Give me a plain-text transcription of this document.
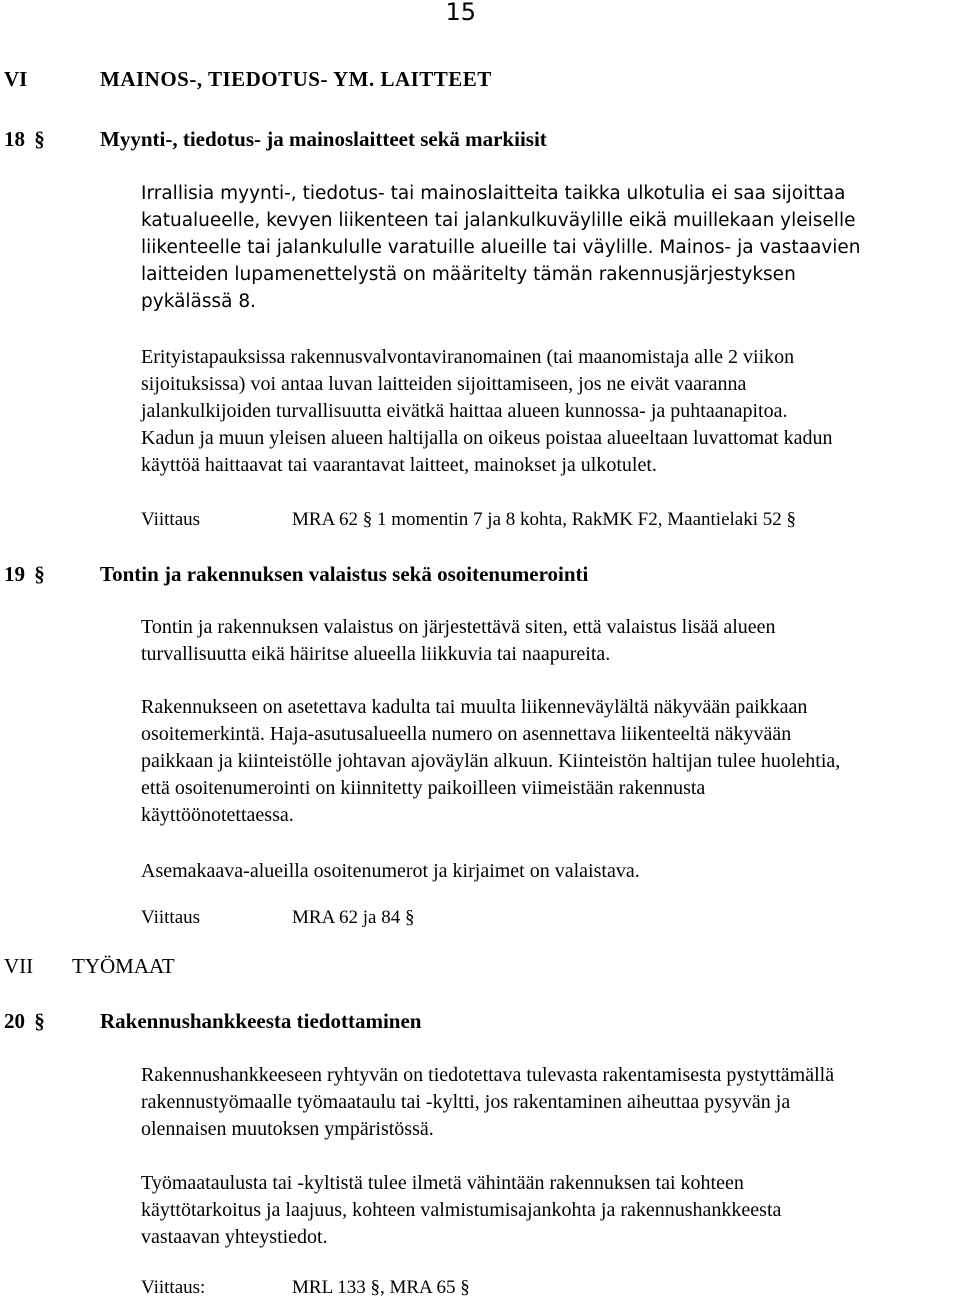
15
VI	MAINOS-, TIEDOTUS- YM. LAITTEET
18 §	Myynti-, tiedotus- ja mainoslaitteet sekä markiisit
Irrallisia myynti-, tiedotus- tai mainoslaitteita taikka ulkotulia ei saa sijoittaa
katualueelle, kevyen liikenteen tai jalankulkuväylille eikä muillekaan yleiselle
liikenteelle tai jalankululle varatuille alueille tai väylille. Mainos- ja vastaavien
laitteiden lupamenettelystä on määritelty tämän rakennusjärjestyksen
pykälässä 8.
Erityistapauksissa rakennusvalvontaviranomainen (tai maanomistaja alle 2 viikon
sijoituksissa) voi antaa luvan laitteiden sijoittamiseen, jos ne eivät vaaranna
jalankulkijoiden turvallisuutta eivätkä haittaa alueen kunnossa- ja puhtaanapitoa.
Kadun ja muun yleisen alueen haltijalla on oikeus poistaa alueeltaan luvattomat kadun
käyttöä haittaavat tai vaarantavat laitteet, mainokset ja ulkotulet.
Viittaus	MRA 62 § 1 momentin 7 ja 8 kohta, RakMK F2, Maantielaki 52 §
19 §	Tontin ja rakennuksen valaistus sekä osoitenumerointi
Tontin ja rakennuksen valaistus on järjestettävä siten, että valaistus lisää alueen
turvallisuutta eikä häiritse alueella liikkuvia tai naapureita.
Rakennukseen on asetettava kadulta tai muulta liikenneväylältä näkyvään paikkaan
osoitemerkintä. Haja-asutusalueella numero on asennettava liikenteeltä näkyvään
paikkaan ja kiinteistölle johtavan ajoväylän alkuun. Kiinteistön haltijan tulee huolehtia,
että osoitenumerointi on kiinnitetty paikoilleen viimeistään rakennusta
käyttöönotettaessa.
Asemakaava-alueilla osoitenumerot ja kirjaimet on valaistava.
Viittaus	MRA 62 ja 84 §
VII TYÖMAAT
20 §	Rakennushankkeesta tiedottaminen
Rakennushankkeeseen ryhtyvän on tiedotettava tulevasta rakentamisesta pystyttämällä
rakennustyömaalle työmaataulu tai -kyltti, jos rakentaminen aiheuttaa pysyvän ja
olennaisen muutoksen ympäristössä.
Työmaataulusta tai -kyltistä tulee ilmetä vähintään rakennuksen tai kohteen
käyttötarkoitus ja laajuus, kohteen valmistumisajankohta ja rakennushankkeesta
vastaavan yhteystiedot.
Viittaus:	MRL 133 §, MRA 65 §
